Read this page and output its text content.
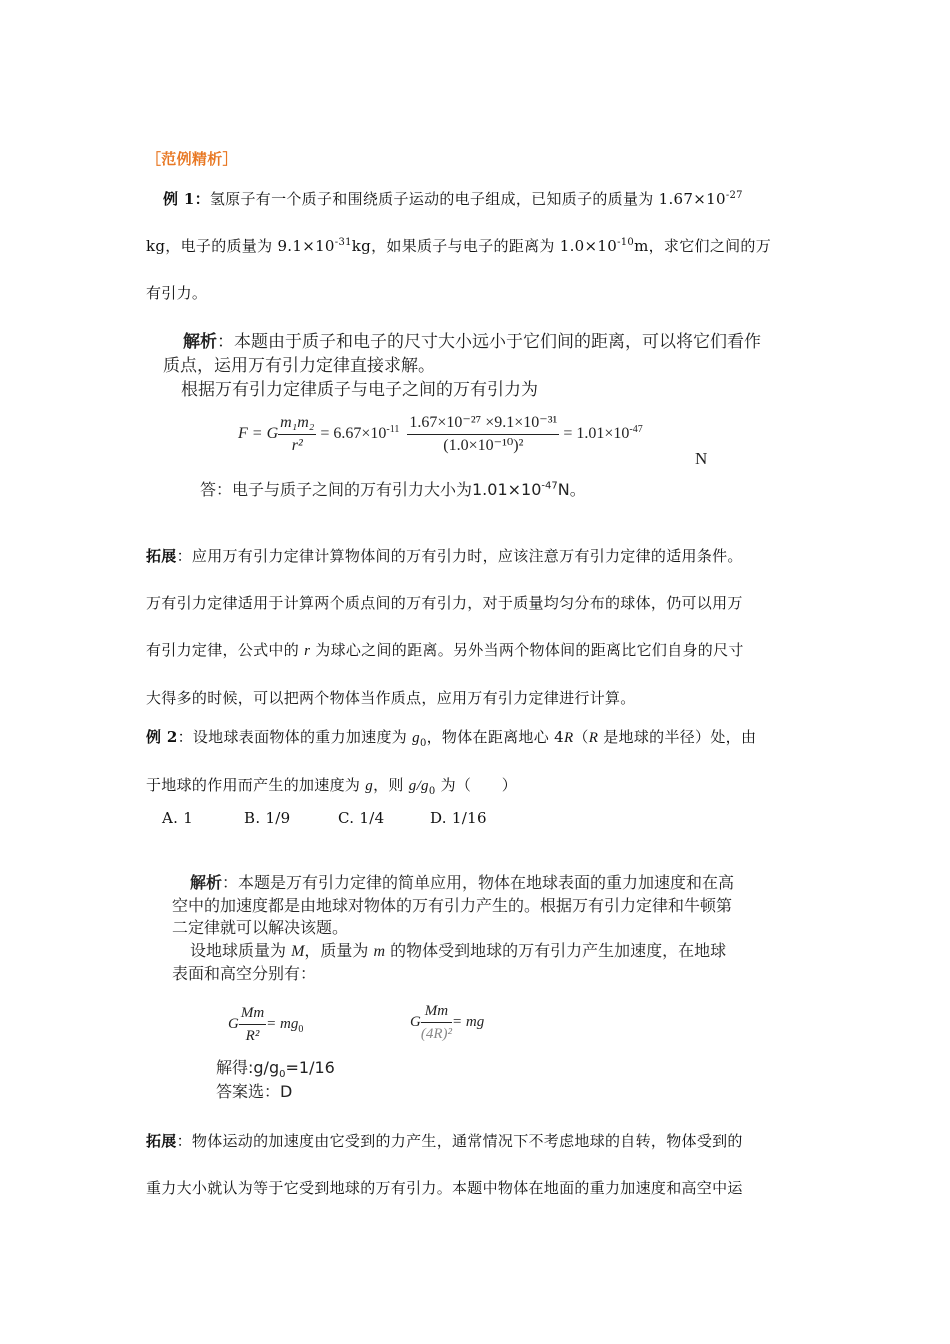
［范例精析］
例 1：氢原子有一个质子和围绕质子运动的电子组成，已知质子的质量为 $1.67\times 10^{-27}$
kg，电子的质量为 $9.1\times 10^{-31}kg$，如果质子与电子的距离为 $1.0\times 10^{-10}m$，求它们之间的万
有引力。
解析：本题由于质子和电子的尺寸大小远小于它们间的距离，可以将它们看作
质点，运用万有引力定律直接求解。
根据万有引力定律质子与电子之间的万有引力为
F = G $\frac{\text{m₁m₂}}{\text{r²}} = 6.67\times 10^{-11} \frac{\text{1.67×10⁻²⁷ ×9.1×10⁻³¹}}{\text{(1.0×10⁻¹⁰)²}} = 1.01\times 10^{-47}$
N
答：电子与质子之间的万有引力大小为$1.01\times 10^{-47}N$。
拓展：应用万有引力定律计算物体间的万有引力时，应该注意万有引力定律的适用条件。
万有引力定律适用于计算两个质点间的万有引力，对于质量均匀分布的球体，仍可以用万
有引力定律，公式中的 r 为球心之间的距离。另外当两个物体间的距离比它们自身的尺寸
大得多的时候，可以把两个物体当作质点，应用万有引力定律进行计算。
例 2：设地球表面物体的重力加速度为 $g_0$，物体在距离地心 4R（R 是地球的半径）处，由
于地球的作用而产生的加速度为 g，则 $g/g_0$ 为（　　）
A. 1	B. 1/9	C. 1/4	D. 1/16
解析：本题是万有引力定律的简单应用，物体在地球表面的重力加速度和在高
空中的加速度都是由地球对物体的万有引力产生的。根据万有引力定律和牛顿第
二定律就可以解决该题。
设地球质量为 M，质量为 m 的物体受到地球的万有引力产生加速度，在地球
表面和高空分别有：
G $\frac{Mm}{\text{R²}} = mg_0$	G $\frac{Mm}{\text{(4R)²}}$ = mg
解得$:g/g_0=1/16$
答案选：D
拓展：物体运动的加速度由它受到的力产生，通常情况下不考虑地球的自转，物体受到的
重力大小就认为等于它受到地球的万有引力。本题中物体在地面的重力加速度和高空中运
